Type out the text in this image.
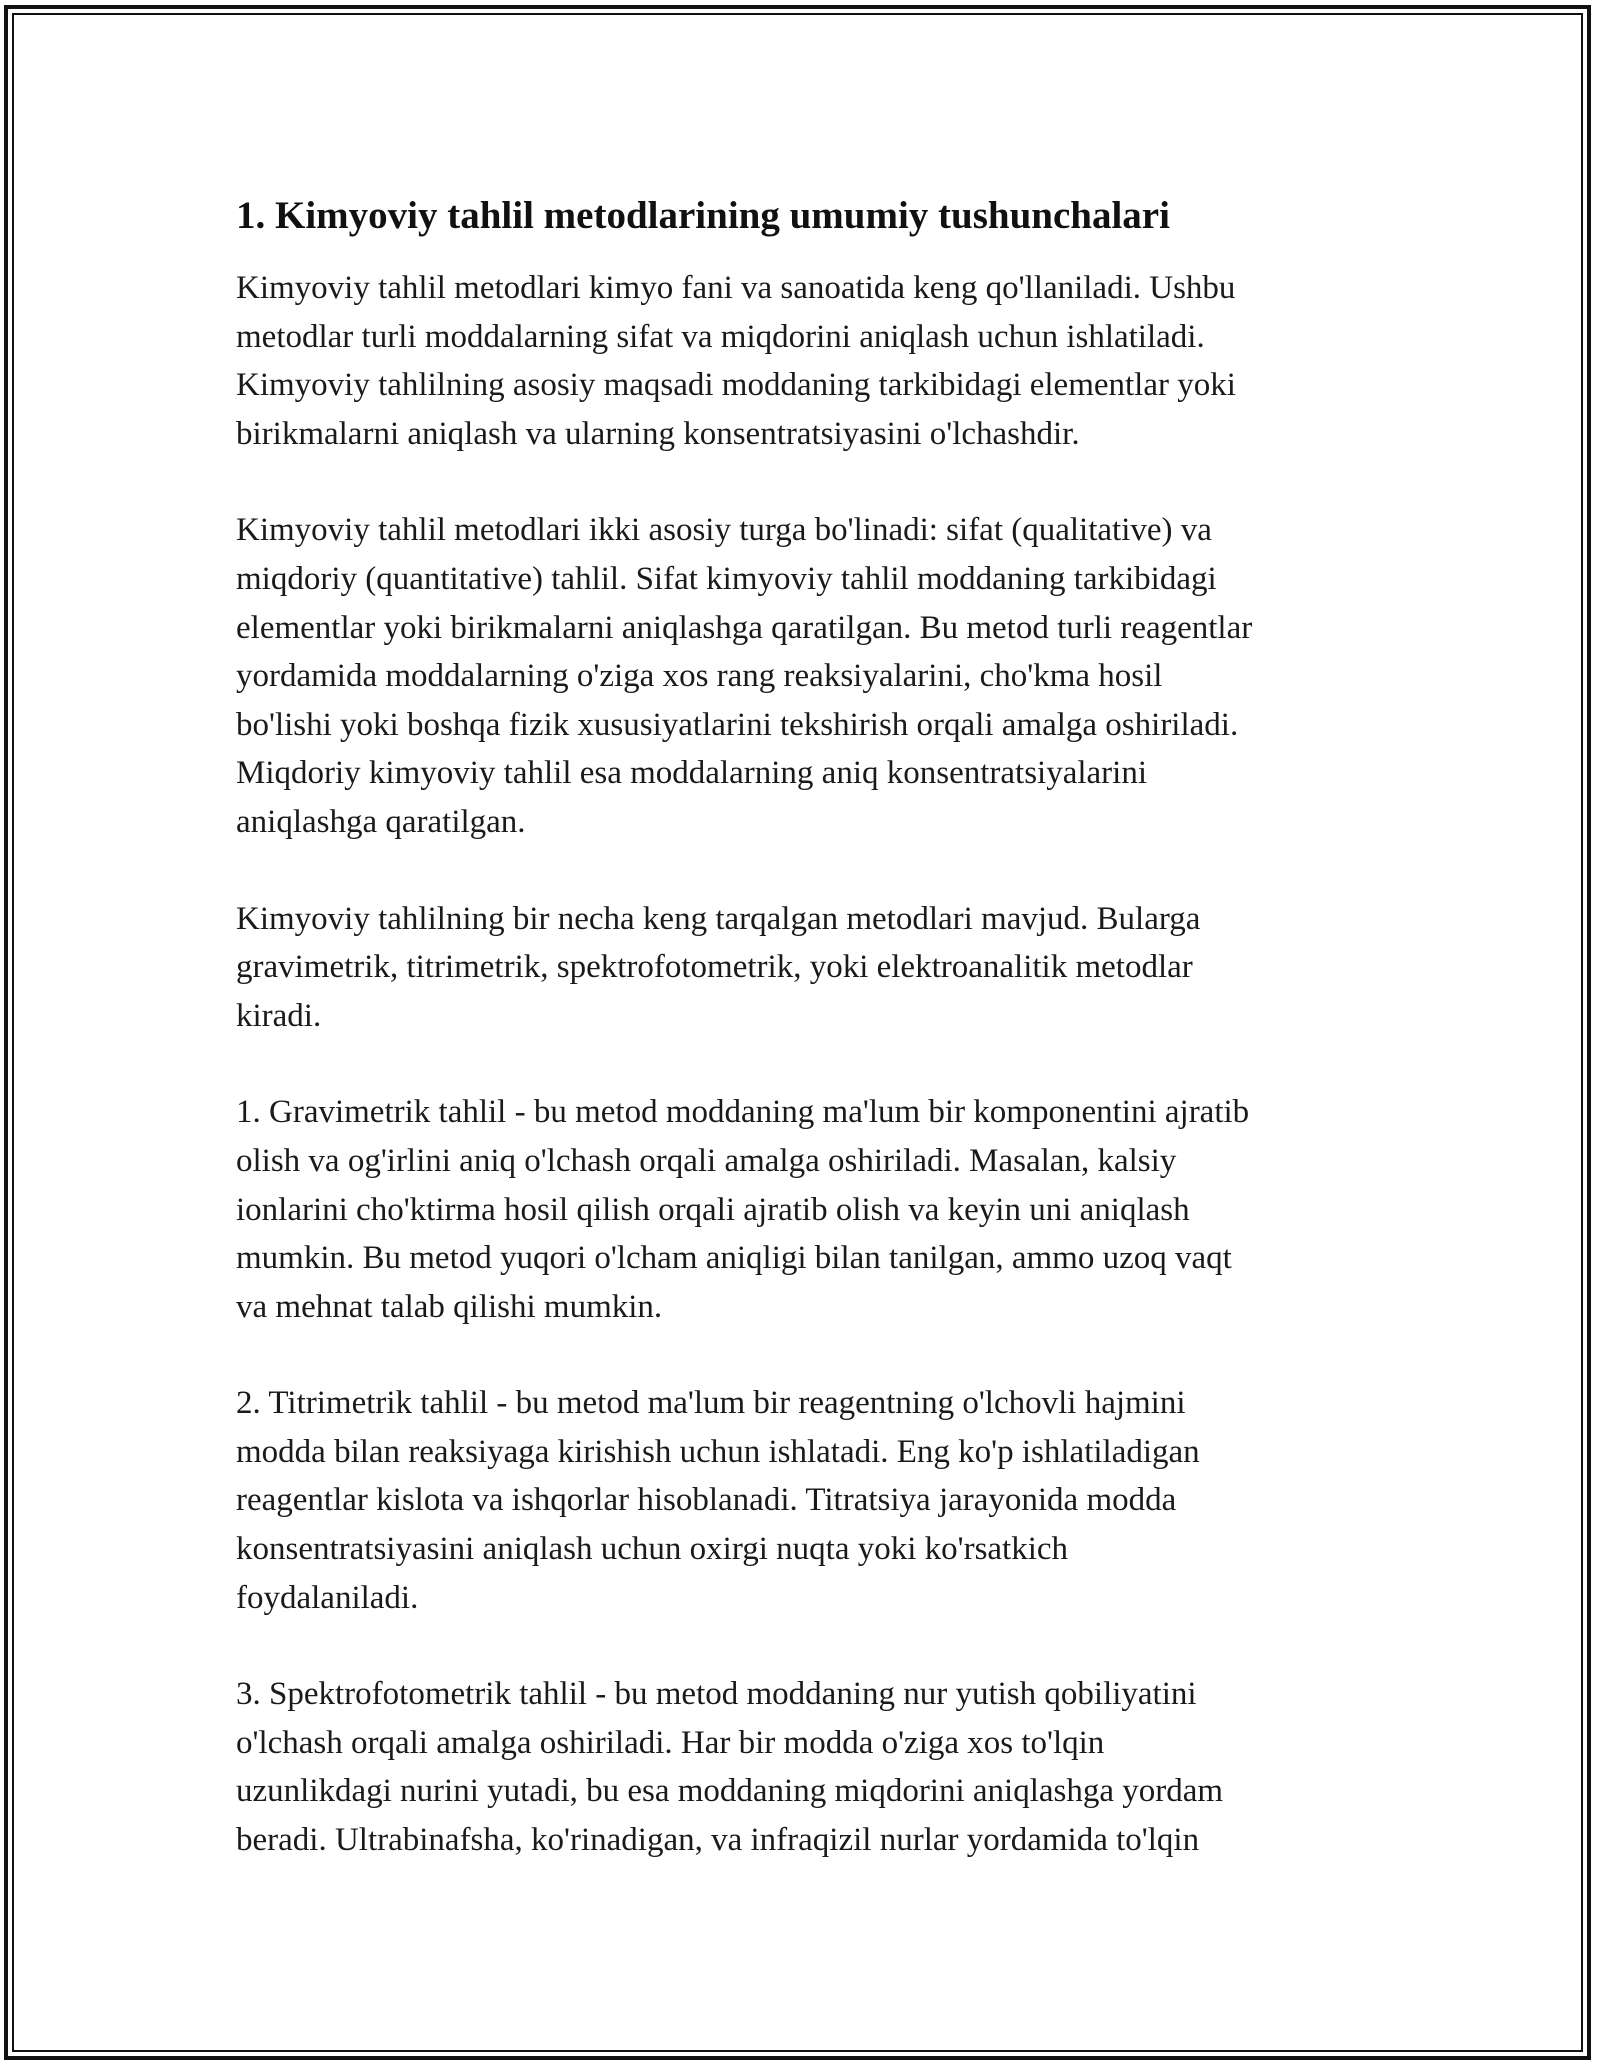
1. Kimyoviy tahlil metodlarining umumiy tushunchalari
Kimyoviy tahlil metodlari kimyo fani va sanoatida keng qo'llaniladi. Ushbu
metodlar turli moddalarning sifat va miqdorini aniqlash uchun ishlatiladi.
Kimyoviy tahlilning asosiy maqsadi moddaning tarkibidagi elementlar yoki
birikmalarni aniqlash va ularning konsentratsiyasini o'lchashdir.
Kimyoviy tahlil metodlari ikki asosiy turga bo'linadi: sifat (qualitative) va
miqdoriy (quantitative) tahlil. Sifat kimyoviy tahlil moddaning tarkibidagi
elementlar yoki birikmalarni aniqlashga qaratilgan. Bu metod turli reagentlar
yordamida moddalarning o'ziga xos rang reaksiyalarini, cho'kma hosil
bo'lishi yoki boshqa fizik xususiyatlarini tekshirish orqali amalga oshiriladi.
Miqdoriy kimyoviy tahlil esa moddalarning aniq konsentratsiyalarini
aniqlashga qaratilgan.
Kimyoviy tahlilning bir necha keng tarqalgan metodlari mavjud. Bularga
gravimetrik, titrimetrik, spektrofotometrik, yoki elektroanalitik metodlar
kiradi.
1. Gravimetrik tahlil - bu metod moddaning ma'lum bir komponentini ajratib
olish va og'irlini aniq o'lchash orqali amalga oshiriladi. Masalan, kalsiy
ionlarini cho'ktirma hosil qilish orqali ajratib olish va keyin uni aniqlash
mumkin. Bu metod yuqori o'lcham aniqligi bilan tanilgan, ammo uzoq vaqt
va mehnat talab qilishi mumkin.
2. Titrimetrik tahlil - bu metod ma'lum bir reagentning o'lchovli hajmini
modda bilan reaksiyaga kirishish uchun ishlatadi. Eng ko'p ishlatiladigan
reagentlar kislota va ishqorlar hisoblanadi. Titratsiya jarayonida modda
konsentratsiyasini aniqlash uchun oxirgi nuqta yoki ko'rsatkich
foydalaniladi.
3. Spektrofotometrik tahlil - bu metod moddaning nur yutish qobiliyatini
o'lchash orqali amalga oshiriladi. Har bir modda o'ziga xos to'lqin
uzunlikdagi nurini yutadi, bu esa moddaning miqdorini aniqlashga yordam
beradi. Ultrabinafsha, ko'rinadigan, va infraqizil nurlar yordamida to'lqin
